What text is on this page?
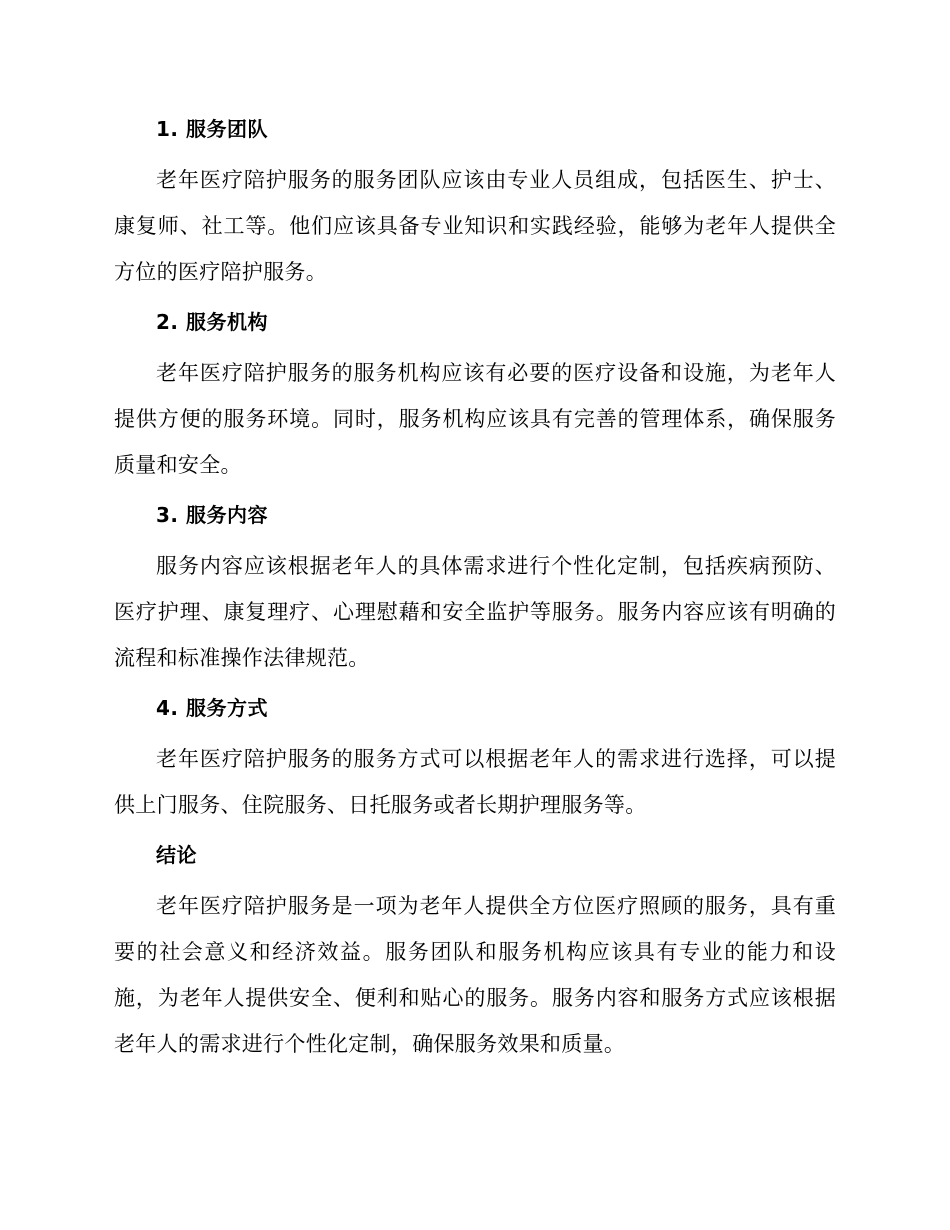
1. 服务团队

老年医疗陪护服务的服务团队应该由专业人员组成，包括医生、护士、康复师、社工等。他们应该具备专业知识和实践经验，能够为老年人提供全方位的医疗陪护服务。

2. 服务机构

老年医疗陪护服务的服务机构应该有必要的医疗设备和设施，为老年人提供方便的服务环境。同时，服务机构应该具有完善的管理体系，确保服务质量和安全。

3. 服务内容

服务内容应该根据老年人的具体需求进行个性化定制，包括疾病预防、医疗护理、康复理疗、心理慰藉和安全监护等服务。服务内容应该有明确的流程和标准操作法律规范。

4. 服务方式

老年医疗陪护服务的服务方式可以根据老年人的需求进行选择，可以提供上门服务、住院服务、日托服务或者长期护理服务等。

结论

老年医疗陪护服务是一项为老年人提供全方位医疗照顾的服务，具有重要的社会意义和经济效益。服务团队和服务机构应该具有专业的能力和设施，为老年人提供安全、便利和贴心的服务。服务内容和服务方式应该根据老年人的需求进行个性化定制，确保服务效果和质量。
